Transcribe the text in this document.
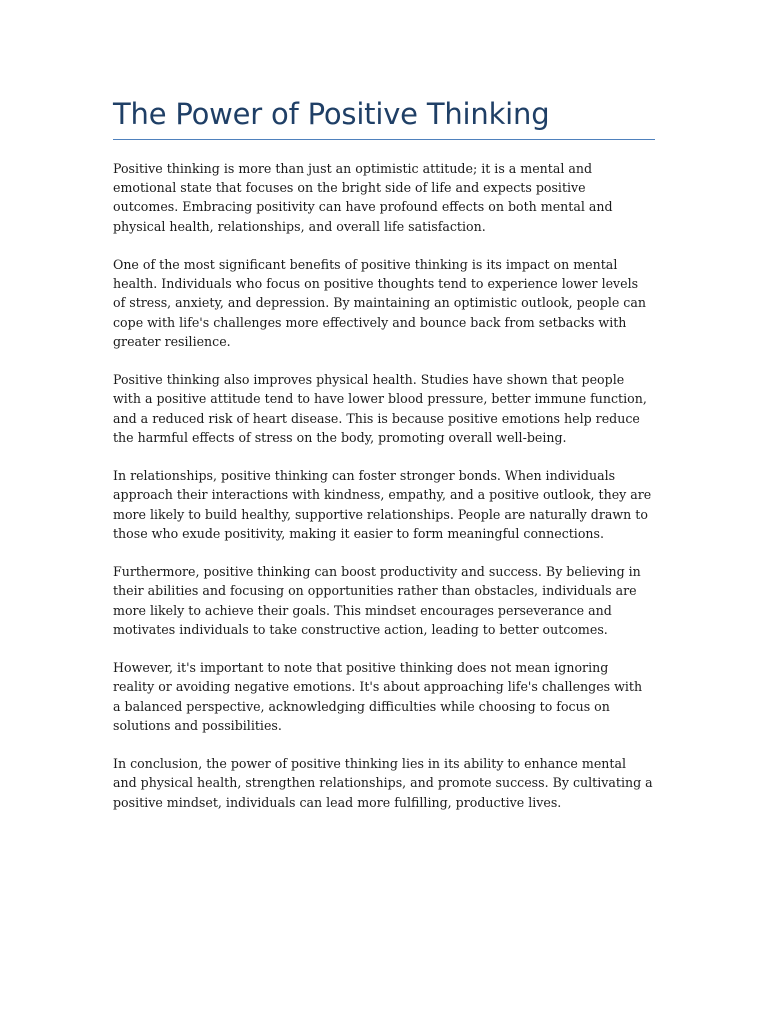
The Power of Positive Thinking

Positive thinking is more than just an optimistic attitude; it is a mental and emotional state that focuses on the bright side of life and expects positive outcomes. Embracing positivity can have profound effects on both mental and physical health, relationships, and overall life satisfaction.

One of the most significant benefits of positive thinking is its impact on mental health. Individuals who focus on positive thoughts tend to experience lower levels of stress, anxiety, and depression. By maintaining an optimistic outlook, people can cope with life's challenges more effectively and bounce back from setbacks with greater resilience.

Positive thinking also improves physical health. Studies have shown that people with a positive attitude tend to have lower blood pressure, better immune function, and a reduced risk of heart disease. This is because positive emotions help reduce the harmful effects of stress on the body, promoting overall well-being.

In relationships, positive thinking can foster stronger bonds. When individuals approach their interactions with kindness, empathy, and a positive outlook, they are more likely to build healthy, supportive relationships. People are naturally drawn to those who exude positivity, making it easier to form meaningful connections.

Furthermore, positive thinking can boost productivity and success. By believing in their abilities and focusing on opportunities rather than obstacles, individuals are more likely to achieve their goals. This mindset encourages perseverance and motivates individuals to take constructive action, leading to better outcomes.

However, it's important to note that positive thinking does not mean ignoring reality or avoiding negative emotions. It's about approaching life's challenges with a balanced perspective, acknowledging difficulties while choosing to focus on solutions and possibilities.

In conclusion, the power of positive thinking lies in its ability to enhance mental and physical health, strengthen relationships, and promote success. By cultivating a positive mindset, individuals can lead more fulfilling, productive lives.
